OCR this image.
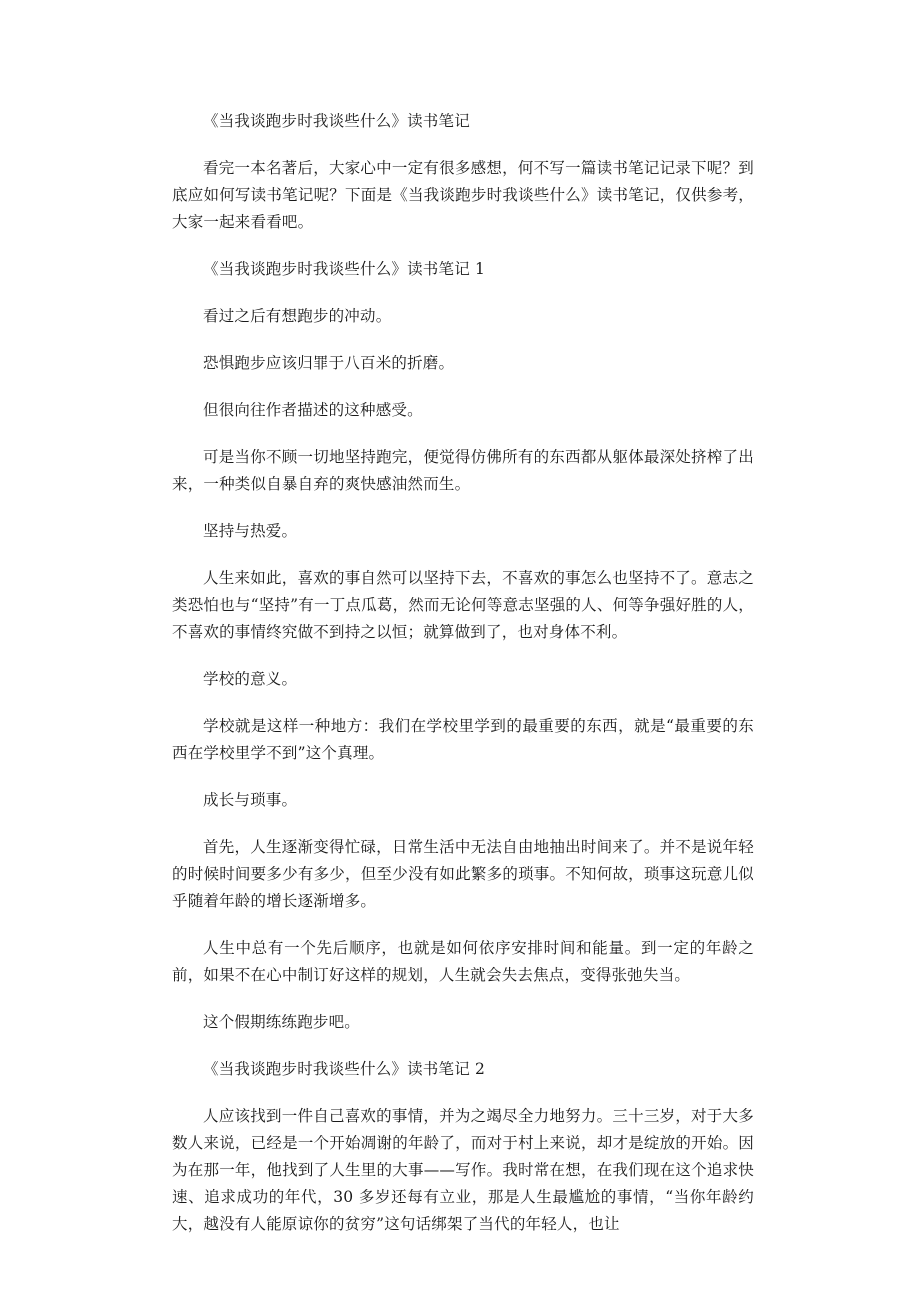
《当我谈跑步时我谈些什么》读书笔记

看完一本名著后，大家心中一定有很多感想，何不写一篇读书笔记记录下呢？到底应如何写读书笔记呢？下面是《当我谈跑步时我谈些什么》读书笔记，仅供参考，大家一起来看看吧。

《当我谈跑步时我谈些什么》读书笔记 1

看过之后有想跑步的冲动。

恐惧跑步应该归罪于八百米的折磨。

但很向往作者描述的这种感受。

可是当你不顾一切地坚持跑完，便觉得仿佛所有的东西都从躯体最深处挤榨了出来，一种类似自暴自弃的爽快感油然而生。

坚持与热爱。

人生来如此，喜欢的事自然可以坚持下去，不喜欢的事怎么也坚持不了。意志之类恐怕也与“坚持”有一丁点瓜葛，然而无论何等意志坚强的人、何等争强好胜的人，不喜欢的事情终究做不到持之以恒；就算做到了，也对身体不利。

学校的意义。

学校就是这样一种地方：我们在学校里学到的最重要的东西，就是“最重要的东西在学校里学不到”这个真理。

成长与琐事。

首先，人生逐渐变得忙碌，日常生活中无法自由地抽出时间来了。并不是说年轻的时候时间要多少有多少，但至少没有如此繁多的琐事。不知何故，琐事这玩意儿似乎随着年龄的增长逐渐增多。

人生中总有一个先后顺序，也就是如何依序安排时间和能量。到一定的年龄之前，如果不在心中制订好这样的规划，人生就会失去焦点，变得张弛失当。

这个假期练练跑步吧。

《当我谈跑步时我谈些什么》读书笔记 2

人应该找到一件自己喜欢的事情，并为之竭尽全力地努力。三十三岁，对于大多数人来说，已经是一个开始凋谢的年龄了，而对于村上来说，却才是绽放的开始。因为在那一年，他找到了人生里的大事——写作。我时常在想，在我们现在这个追求快速、追求成功的年代，30 多岁还每有立业，那是人生最尴尬的事情，“当你年龄约大，越没有人能原谅你的贫穷”这句话绑架了当代的年轻人，也让
